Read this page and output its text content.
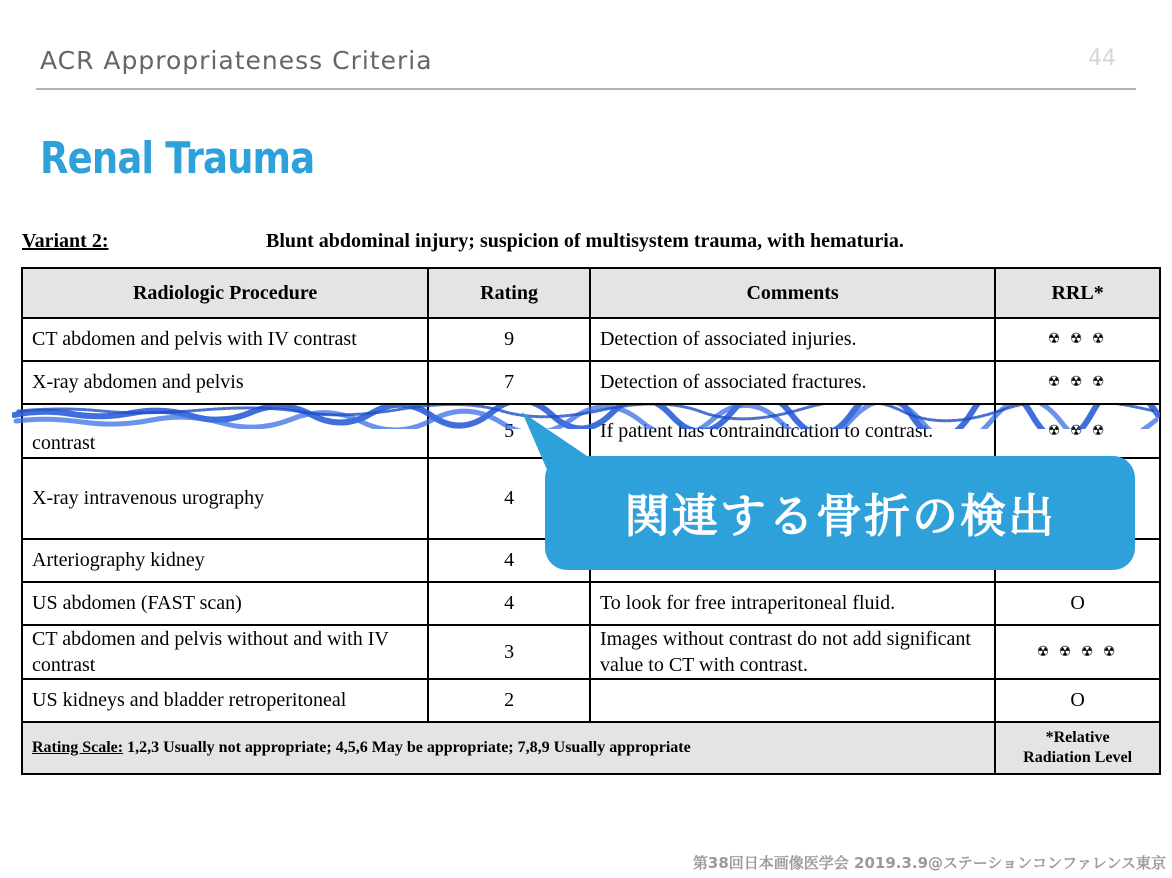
ACR Appropriateness Criteria	44
Renal Trauma
Variant 2:	Blunt abdominal injury; suspicion of multisystem trauma, with hematuria.
Radiologic Procedure	Rating	Comments	RRL*
CT abdomen and pelvis with IV contrast	9	Detection of associated injuries.	☢ ☢ ☢
X-ray abdomen and pelvis	7	Detection of associated fractures.	☢ ☢ ☢
contrast	5	If patient has contraindication to contrast.	☢ ☢ ☢
X-ray intravenous urography	4		
Arteriography kidney	4		
US abdomen (FAST scan)	4	To look for free intraperitoneal fluid.	O
CT abdomen and pelvis without and with IV contrast	3	Images without contrast do not add significant value to CT with contrast.	☢ ☢ ☢ ☢
US kidneys and bladder retroperitoneal	2		O
Rating Scale: 1,2,3 Usually not appropriate; 4,5,6 May be appropriate; 7,8,9 Usually appropriate			*Relative
Radiation Level
関連する骨折の検出
第38回日本画像医学会 2019.3.9@ステーションコンファレンス東京
